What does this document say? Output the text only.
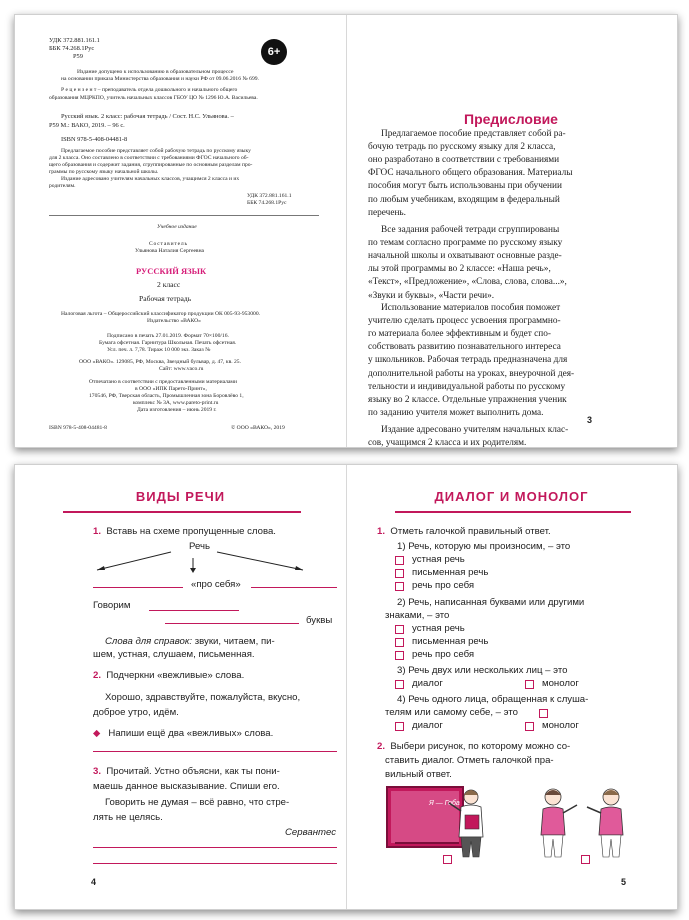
УДК 372.881.161.1
ББК 74.268.1Рус
Р59	6+
Издание допущено к использованию в образовательном процессе
на основании приказа Министерства образования и науки РФ от 09.06.2016 № 699.
Р е ц е н з е н т – преподаватель отдела дошкольного и начального общего
образования МЦРКПО, учитель начальных классов ГБОУ ЦО № 1296 Ю.А. Васильева.
Русский язык. 2 класс: рабочая тетрадь / Сост. Н.С. Ульянова. –
Р59 М.: ВАКО, 2019. – 96 с.
ISBN 978-5-408-04481-8
Предлагаемое пособие представляет собой рабочую тетрадь по русскому языку
для 2 класса. Оно составлено в соответствии с требованиями ФГОС начального об-
щего образования и содержит задания, сгруппированные по основным разделам про-
граммы по русскому языку начальной школы.
Издание адресовано учителям начальных классов, учащимся 2 класса и их
родителям.
УДК 372.881.161.1
ББК 74.268.1Рус
Учебное издание
Составитель
Ульянова Наталия Сергеевна
РУССКИЙ ЯЗЫК
2 класс
Рабочая тетрадь
Налоговая льгота – Общероссийский классификатор продукции ОК 005-93-953000.
Издательство «ВАКО»
Подписано в печать 27.01.2019. Формат 70×100/16.
Бумага офсетная. Гарнитура Школьная. Печать офсетная.
Усл. печ. л. 7,78. Тираж 10 000 экз. Заказ №
ООО «ВАКО». 129085, РФ, Москва, Звездный бульвар, д. 47, кв. 25.
Сайт: www.vaco.ru
Отпечатано в соответствии с предоставленными материалами
в ООО «ИПК Парето-Принт»,
170546, РФ, Тверская область, Промышленная зона Боровлёво 1,
комплекс № 3А, www.pareto-print.ru
Дата изготовления – июнь 2019 г.
ISBN 978-5-408-04481-8	© ООО «ВАКО», 2019
Предисловие
Предлагаемое пособие представляет собой ра-
бочую тетрадь по русскому языку для 2 класса,
оно разработано в соответствии с требованиями
ФГОС начального общего образования. Материалы
пособия могут быть использованы при обучении
по любым учебникам, входящим в федеральный
перечень.
Все задания рабочей тетради сгруппированы
по темам согласно программе по русскому языку
начальной школы и охватывают основные разде-
лы этой программы во 2 классе: «Наша речь»,
«Текст», «Предложение», «Слова, слова, слова...»,
«Звуки и буквы», «Части речи».
Использование материалов пособия поможет
учителю сделать процесс усвоения программно-
го материала более эффективным и будет спо-
собствовать развитию познавательного интереса
у школьников. Рабочая тетрадь предназначена для
дополнительной работы на уроках, внеурочной дея-
тельности и индивидуальной работы по русскому
языку во 2 классе. Отдельные упражнения ученик
по заданию учителя может выполнить дома.
Издание адресовано учителям начальных клас-
сов, учащимся 2 класса и их родителям.
3
ВИДЫ РЕЧИ
1. Вставь на схеме пропущенные слова.
Речь
«про себя»
Говорим
буквы
Слова для справок: звуки, читаем, пи-
шем, устная, слушаем, письменная.
2. Подчеркни «вежливые» слова.
Хорошо, здравствуйте, пожалуйста, вкусно,
доброе утро, идём.
◆ Напиши ещё два «вежливых» слова.
3. Прочитай. Устно объясни, как ты пони-
маешь данное высказывание. Спиши его.
Говорить не думая – всё равно, что стре-
лять не целясь.
Сервантес
4
ДИАЛОГ И МОНОЛОГ
1. Отметь галочкой правильный ответ.
1) Речь, которую мы произносим, – это
устная речь
письменная речь
речь про себя
2) Речь, написанная буквами или другими
знаками, – это
устная речь
письменная речь
речь про себя
3) Речь двух или нескольких лиц – это
диалог	монолог
4) Речь одного лица, обращенная к слуша-
телям или самому себе, – это
диалог	монолог
2. Выбери рисунок, по которому можно со-
ставить диалог. Отметь галочкой пра-
вильный ответ.
Я — Гоба
5
